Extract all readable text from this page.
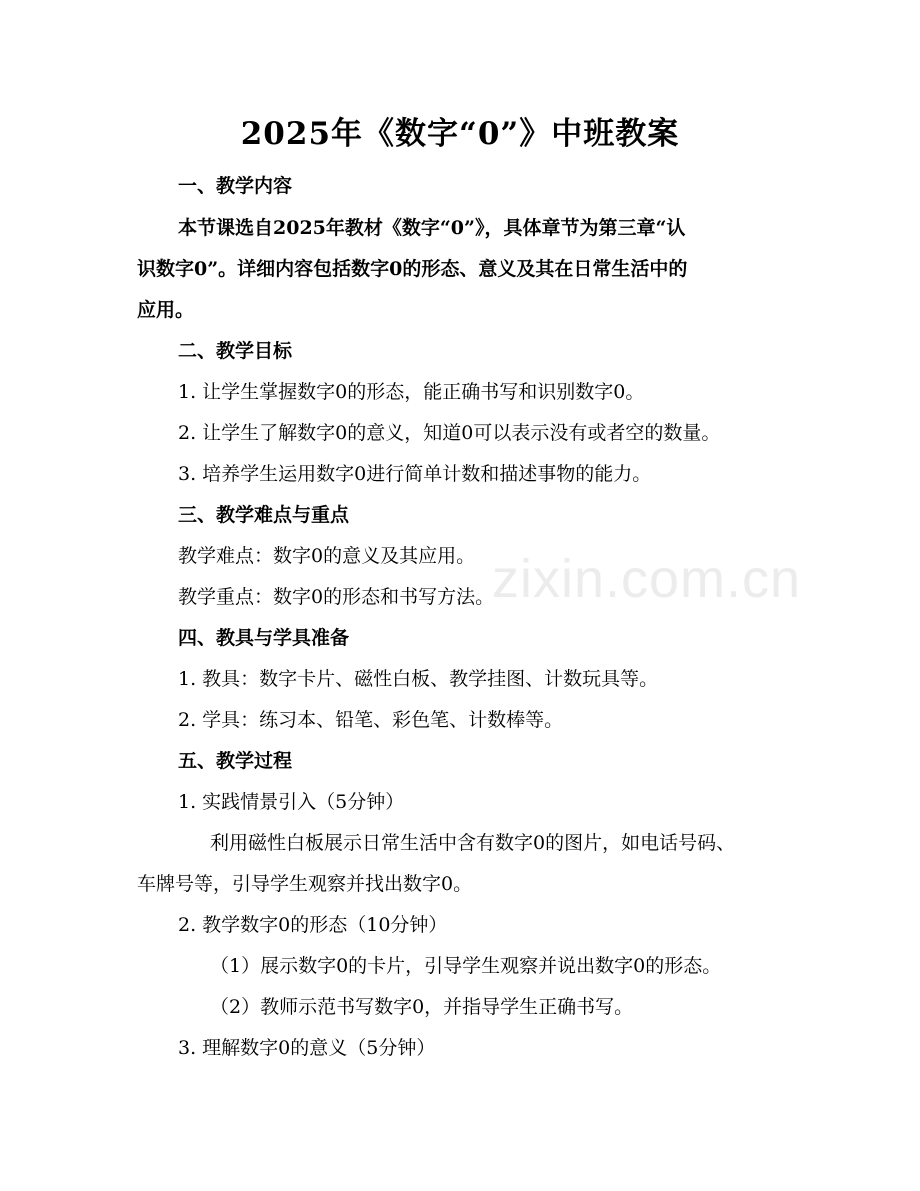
zixin.com.cn
2025年《数字“0”》中班教案
一、教学内容
本节课选自2025年教材《数字“0”》，具体章节为第三章“认
识数字0”。详细内容包括数字0的形态、意义及其在日常生活中的
应用。
二、教学目标
1. 让学生掌握数字0的形态，能正确书写和识别数字0。
2. 让学生了解数字0的意义，知道0可以表示没有或者空的数量。
3. 培养学生运用数字0进行简单计数和描述事物的能力。
三、教学难点与重点
教学难点：数字0的意义及其应用。
教学重点：数字0的形态和书写方法。
四、教具与学具准备
1. 教具：数字卡片、磁性白板、教学挂图、计数玩具等。
2. 学具：练习本、铅笔、彩色笔、计数棒等。
五、教学过程
1. 实践情景引入（5分钟）
利用磁性白板展示日常生活中含有数字0的图片，如电话号码、
车牌号等，引导学生观察并找出数字0。
2. 教学数字0的形态（10分钟）
（1）展示数字0的卡片，引导学生观察并说出数字0的形态。
（2）教师示范书写数字0，并指导学生正确书写。
3. 理解数字0的意义（5分钟）
